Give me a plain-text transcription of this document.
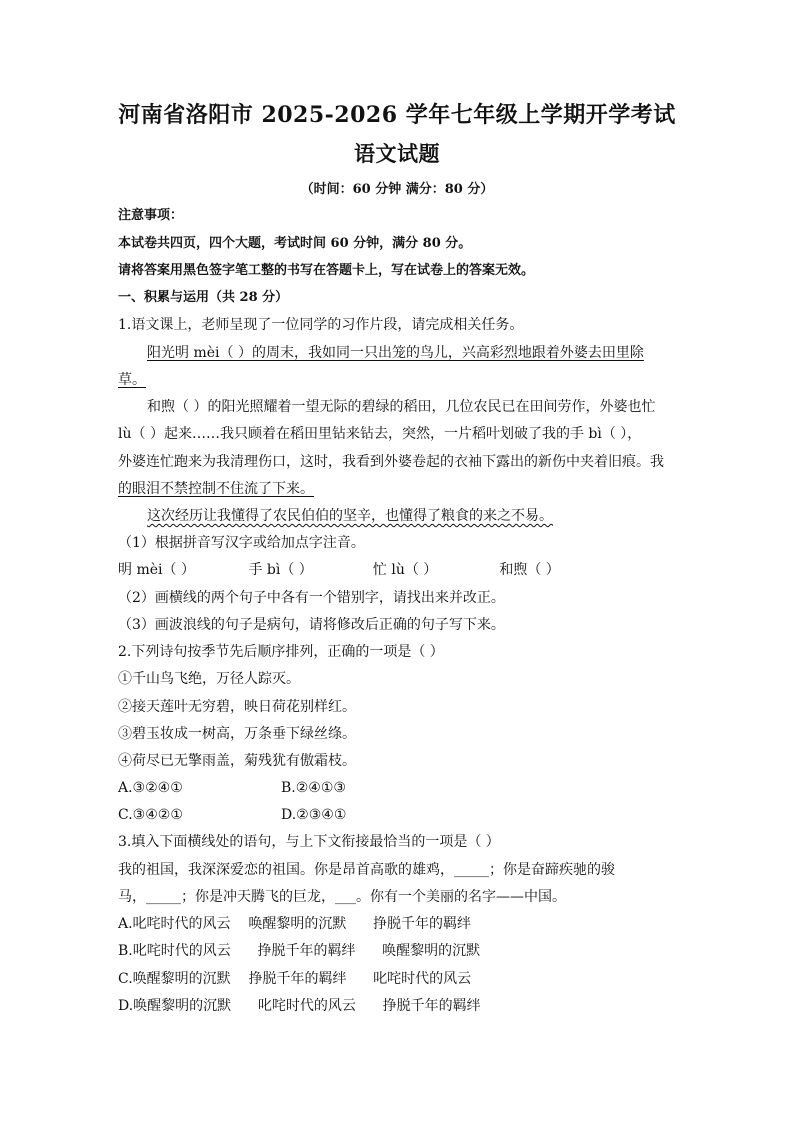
河南省洛阳市 2025-2026 学年七年级上学期开学考试
语文试题
（时间：60 分钟 满分：80 分）
注意事项：
本试卷共四页，四个大题，考试时间 60 分钟，满分 80 分。
请将答案用黑色签字笔工整的书写在答题卡上，写在试卷上的答案无效。
一、积累与运用（共 28 分）
1.语文课上，老师呈现了一位同学的习作片段，请完成相关任务。
阳光明 mèi（ ）的周末，我如同一只出笼的鸟儿，兴高彩烈地跟着外婆去田里除
草。
和煦（ ）的阳光照耀着一望无际的碧绿的稻田，几位农民已在田间劳作，外婆也忙
lù（ ）起来……我只顾着在稻田里钻来钻去，突然，一片稻叶划破了我的手 bì（ ），
外婆连忙跑来为我清理伤口，这时，我看到外婆卷起的衣袖下露出的新伤中夹着旧痕。我
的眼泪不禁控制不住流了下来。
这次经历让我懂得了农民伯伯的坚辛，也懂得了粮食的来之不易。
（1）根据拼音写汉字或给加点字注音。
明 mèi（ ）	手 bì（ ）	忙 lù（ ）	和煦（ ）
（2）画横线的两个句子中各有一个错别字，请找出来并改正。
（3）画波浪线的句子是病句，请将修改后正确的句子写下来。
2.下列诗句按季节先后顺序排列，正确的一项是（ ）
①千山鸟飞绝，万径人踪灭。
②接天莲叶无穷碧，映日荷花别样红。
③碧玉妆成一树高，万条垂下绿丝绦。
④荷尽已无擎雨盖，菊残犹有傲霜枝。
A.③②④①	B.②④①③
C.③④②①	D.②③④①
3.填入下面横线处的语句，与上下文衔接最恰当的一项是（ ）
我的祖国，我深深爱恋的祖国。你是昂首高歌的雄鸡，_____；你是奋蹄疾驰的骏
马，_____；你是冲天腾飞的巨龙，___。你有一个美丽的名字——中国。
A.叱咤时代的风云    唤醒黎明的沉默      挣脱千年的羁绊
B.叱咤时代的风云      挣脱千年的羁绊      唤醒黎明的沉默
C.唤醒黎明的沉默    挣脱千年的羁绊      叱咤时代的风云
D.唤醒黎明的沉默      叱咤时代的风云      挣脱千年的羁绊
